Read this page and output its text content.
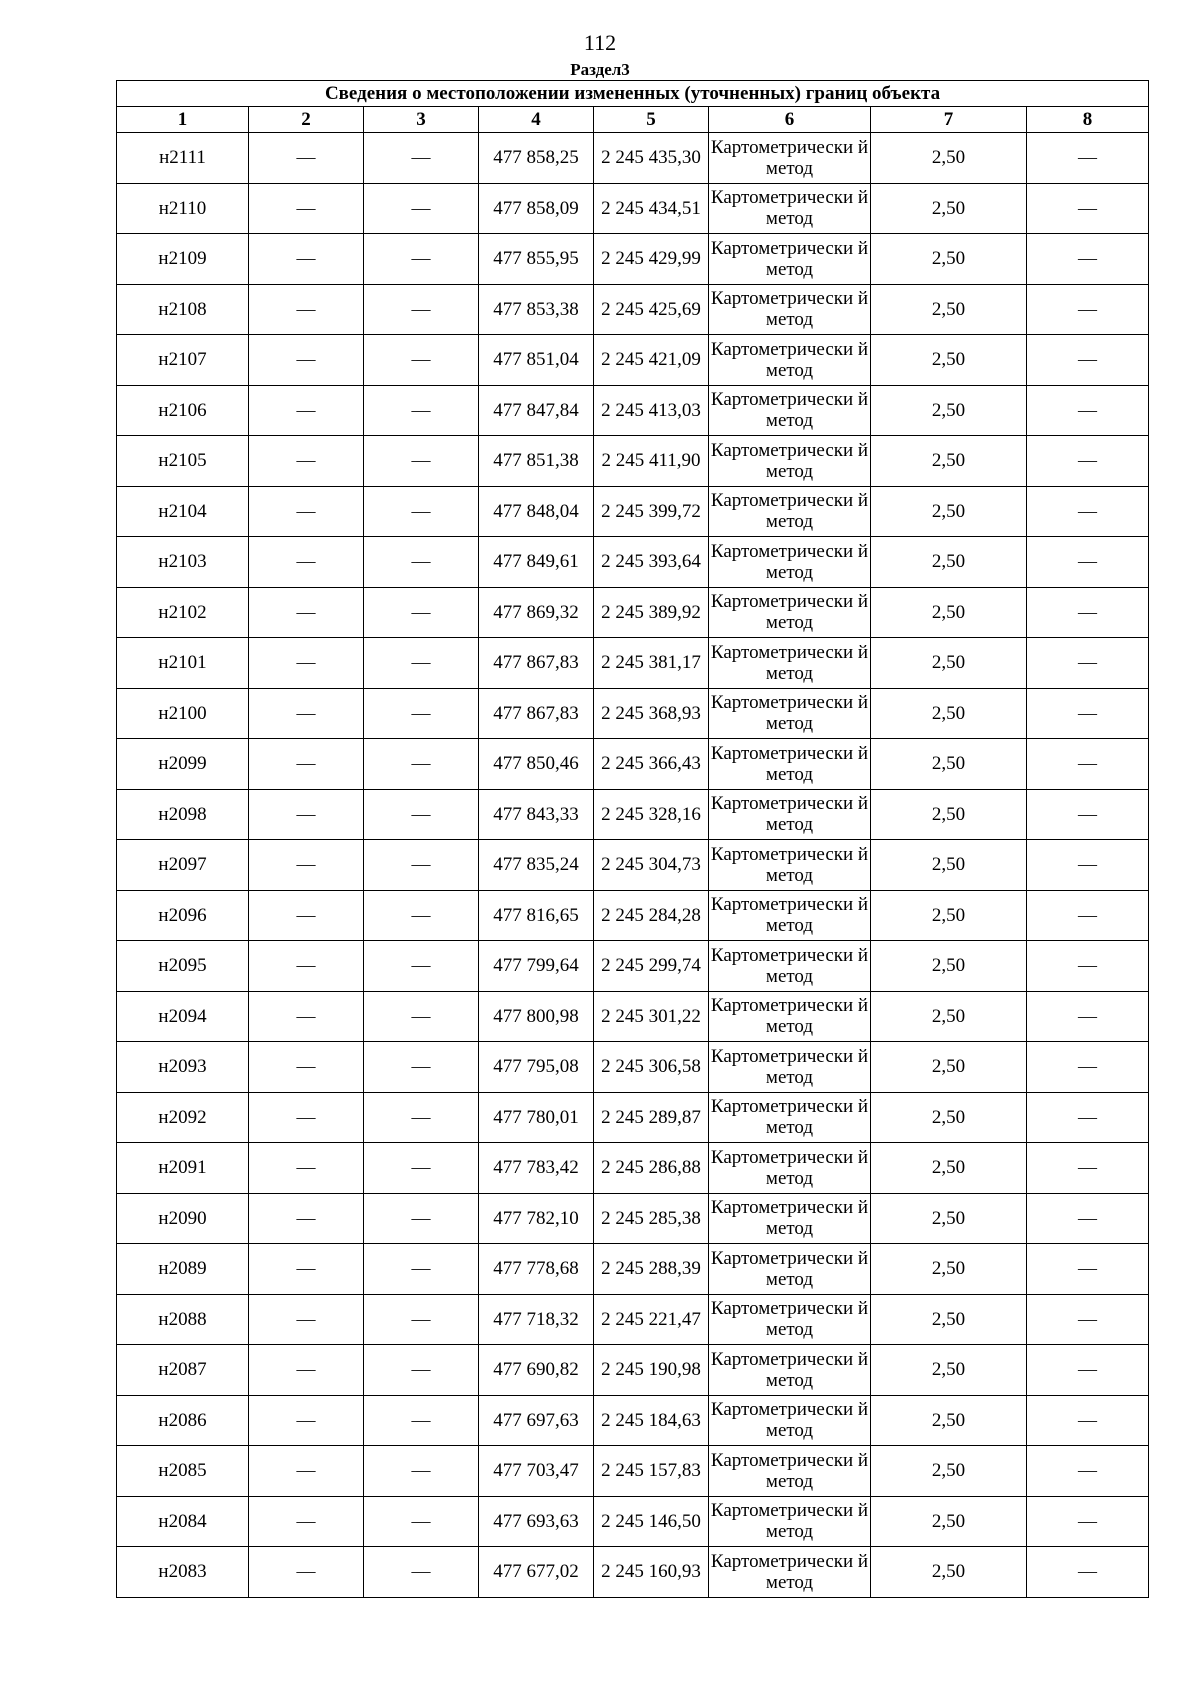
112
Раздел3
Сведения о местоположении измененных (уточненных) границ объекта							
1	2	3	4	5	6	7	8
н2111	—	—	477 858,25	2 245 435,30	Картометрически й метод	2,50	—
н2110	—	—	477 858,09	2 245 434,51	Картометрически й метод	2,50	—
н2109	—	—	477 855,95	2 245 429,99	Картометрически й метод	2,50	—
н2108	—	—	477 853,38	2 245 425,69	Картометрически й метод	2,50	—
н2107	—	—	477 851,04	2 245 421,09	Картометрически й метод	2,50	—
н2106	—	—	477 847,84	2 245 413,03	Картометрически й метод	2,50	—
н2105	—	—	477 851,38	2 245 411,90	Картометрически й метод	2,50	—
н2104	—	—	477 848,04	2 245 399,72	Картометрически й метод	2,50	—
н2103	—	—	477 849,61	2 245 393,64	Картометрически й метод	2,50	—
н2102	—	—	477 869,32	2 245 389,92	Картометрически й метод	2,50	—
н2101	—	—	477 867,83	2 245 381,17	Картометрически й метод	2,50	—
н2100	—	—	477 867,83	2 245 368,93	Картометрически й метод	2,50	—
н2099	—	—	477 850,46	2 245 366,43	Картометрически й метод	2,50	—
н2098	—	—	477 843,33	2 245 328,16	Картометрически й метод	2,50	—
н2097	—	—	477 835,24	2 245 304,73	Картометрически й метод	2,50	—
н2096	—	—	477 816,65	2 245 284,28	Картометрически й метод	2,50	—
н2095	—	—	477 799,64	2 245 299,74	Картометрически й метод	2,50	—
н2094	—	—	477 800,98	2 245 301,22	Картометрически й метод	2,50	—
н2093	—	—	477 795,08	2 245 306,58	Картометрически й метод	2,50	—
н2092	—	—	477 780,01	2 245 289,87	Картометрически й метод	2,50	—
н2091	—	—	477 783,42	2 245 286,88	Картометрически й метод	2,50	—
н2090	—	—	477 782,10	2 245 285,38	Картометрически й метод	2,50	—
н2089	—	—	477 778,68	2 245 288,39	Картометрически й метод	2,50	—
н2088	—	—	477 718,32	2 245 221,47	Картометрически й метод	2,50	—
н2087	—	—	477 690,82	2 245 190,98	Картометрически й метод	2,50	—
н2086	—	—	477 697,63	2 245 184,63	Картометрически й метод	2,50	—
н2085	—	—	477 703,47	2 245 157,83	Картометрически й метод	2,50	—
н2084	—	—	477 693,63	2 245 146,50	Картометрически й метод	2,50	—
н2083	—	—	477 677,02	2 245 160,93	Картометрически й метод	2,50	—
